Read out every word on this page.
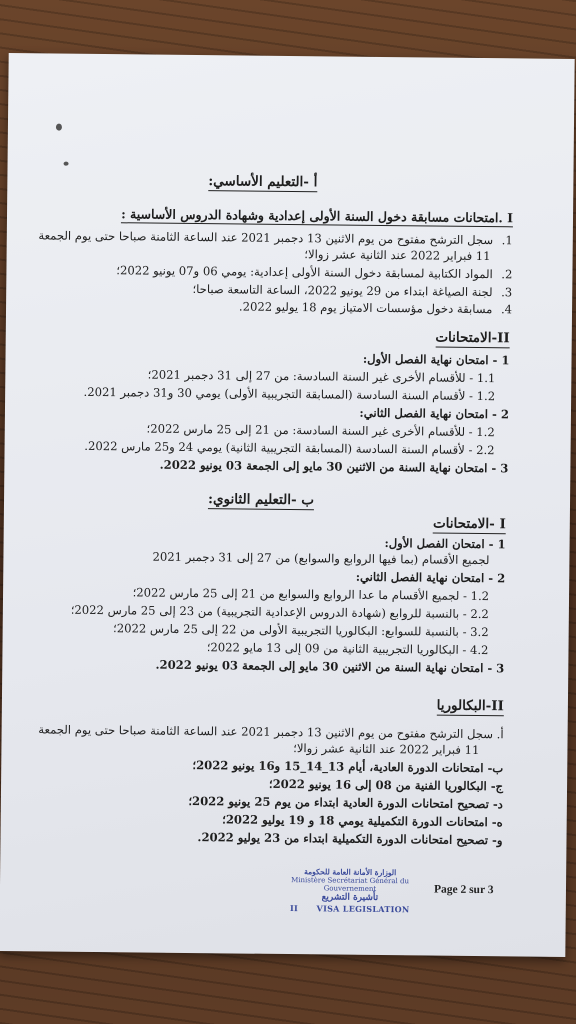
أ -التعليم الأساسي:
I .امتحانات مسابقة دخول السنة الأولى إعدادية وشهادة الدروس الأساسية :
1. سجل الترشح مفتوح من يوم الاثنين 13 دجمبر 2021 عند الساعة الثامنة صباحا حتى يوم الجمعة
11 فبراير 2022 عند الثانية عشر زوالا؛
2. المواد الكتابية لمسابقة دخول السنة الأولى إعدادية: يومي 06 و07 يونيو 2022؛
3. لجنة الصياغة ابتداء من 29 يونيو 2022، الساعة التاسعة صباحا؛
4. مسابقة دخول مؤسسات الامتياز يوم 18 يوليو 2022.
II-الامتحانات
1 - امتحان نهاية الفصل الأول:
1.1 - للأقسام الأخرى غير السنة السادسة: من 27 إلى 31 دجمبر 2021؛
1.2 - لأقسام السنة السادسة (المسابقة التجريبية الأولى) يومي 30 و31 دجمبر 2021.
2 - امتحان نهاية الفصل الثاني:
1.2 - للأقسام الأخرى غير السنة السادسة: من 21 إلى 25 مارس 2022؛
2.2 - لأقسام السنة السادسة (المسابقة التجريبية الثانية) يومي 24 و25 مارس 2022.
3 - امتحان نهاية السنة من الاثنين 30 مايو إلى الجمعة 03 يونيو 2022.
ب -التعليم الثانوي:
I -الامتحانات
1 - امتحان الفصل الأول:
لجميع الأقسام (بما فيها الروابع والسوابع) من 27 إلى 31 دجمبر 2021
2 - امتحان نهاية الفصل الثاني:
1.2 - لجميع الأقسام ما عدا الروابع والسوابع من 21 إلى 25 مارس 2022؛
2.2 - بالنسبة للروابع (شهادة الدروس الإعدادية التجريبية) من 23 إلى 25 مارس 2022؛
3.2 - بالنسبة للسوابع: البكالوريا التجريبية الأولى من 22 إلى 25 مارس 2022؛
4.2 - البكالوريا التجريبية الثانية من 09 إلى 13 مايو 2022؛
3 - امتحان نهاية السنة من الاثنين 30 مايو إلى الجمعة 03 يونيو 2022.
II-البكالوريا
أ. سجل الترشح مفتوح من يوم الاثنين 13 دجمبر 2021 عند الساعة الثامنة صباحا حتى يوم الجمعة
11 فبراير 2022 عند الثانية عشر زوالا؛
ب- امتحانات الدورة العادية، أيام 13_14_15 و16 يونيو 2022؛
ج- البكالوريا الفنية من 08 إلى 16 يونيو 2022؛
د- تصحيح امتحانات الدورة العادية ابتداء من يوم 25 يونيو 2022؛
ه- امتحانات الدورة التكميلية يومي 18 و 19 يوليو 2022؛
و- تصحيح امتحانات الدورة التكميلية ابتداء من 23 يوليو 2022.
الوزارة الأمانة العامة للحكومة
Ministère Secrétariat Général du Gouvernement
تأشيرة التشريع
II VISA LEGISLATION
Page 2 sur 3
